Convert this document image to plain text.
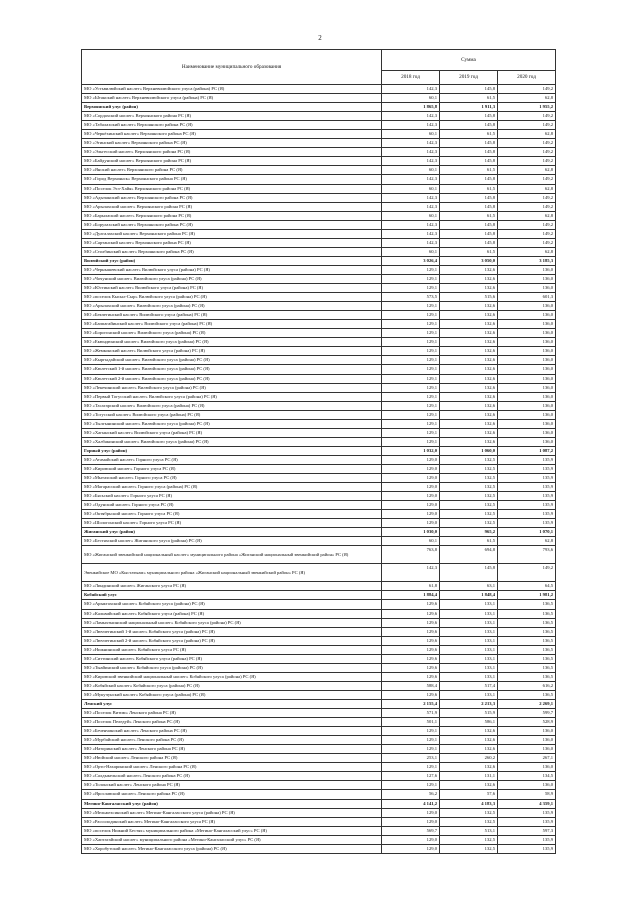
2
Наименование муниципального образования	Сумма		
	2018 год	2019 год	2020 год
МО «Устьвилюйский наслег» Верхневилюйского улуса (района) РС (Я)	142,3	145,8	149,2
МО «Ытанский наслег» Верхневилюйского улуса (района) РС (Я)	60,1	61,5	62,8
Верхоянский улус (район)	1 865,8	1 911,3	1 955,2
МО «Сордахский наслег» Верхоянского района РС (Я)	142,3	145,8	149,2
МО «Табалахский наслег» Верхоянского района РС (Я)	142,3	145,8	149,2
МО «Черкёхинский наслег» Верхоянского района РС (Я)	60,1	61,5	62,8
МО «Эгинский наслег» Верхоянского района РС (Я)	142,3	145,8	149,2
МО «Эльгесский наслег» Верхоянского района РС (Я)	142,3	145,8	149,2
МО «Байдунский наслег» Верхоянского района РС (Я)	142,3	145,8	149,2
МО «Янский наслег» Верхоянского района РС (Я)	60,1	61,5	62,8
МО «Город Верхоянск» Верхоянского района РС (Я)	142,3	145,8	149,2
МО «Поселок Эсэ-Хайя» Верхоянского района РС (Я)	60,1	61,5	62,8
МО «Адычанский наслег» Верхоянского района РС (Я)	142,3	145,8	149,2
МО «Арылахский наслег» Верхоянского района РС (Я)	142,3	145,8	149,2
МО «Барылаский наслег» Верхоянского района РС (Я)	60,1	61,5	62,8
МО «Борулахский наслег» Верхоянского района РС (Я)	142,3	145,8	149,2
МО «Дулгалахский наслег» Верхоянского района РС (Я)	142,3	145,8	149,2
МО «Сартанский наслег» Верхоянского района РС (Я)	142,3	145,8	149,2
МО «Столбинский наслег» Верхоянского района РС (Я)	60,1	61,5	62,8
Вилюйский улус (район)	3 026,4	3 050,0	3 185,3
МО «Чернышевский наслег» Вилюйского улуса (района) РС (Я)	129,1	132,6	136,0
МО «Чочунский наслег» Вилюйского улуса (района) РС (Я)	129,1	132,6	136,0
МО «Юстинский наслег» Вилюйского улуса (района) РС (Я)	129,1	132,6	136,0
МО «поселок Кысыл-Сыр» Вилюйского улуса (района) РС (Я)	573,5	515,6	601,3
МО «Арылахский наслег» Вилюйского улуса (района) РС (Я)	129,1	132,6	136,0
МО «Бекчегинский наслег» Вилюйского улуса (района) РС (Я)	129,1	132,6	136,0
МО «Баппагайинский наслег» Вилюйского улуса (района) РС (Я)	129,1	132,6	136,0
МО «Борогонский наслег» Вилюйского улуса (района) РС (Я)	129,1	132,6	136,0
МО «Екюндюнский наслег» Вилюйского улуса (района) РС (Я)	129,1	132,6	136,0
МО «Жемконский наслег» Вилюйского улуса (района) РС (Я)	129,1	132,6	136,0
МО «Кыргыдайский наслег» Вилюйского улуса (района) РС (Я)	129,1	132,6	136,0
МО «Кюлетский 1-й наслег» Вилюйского улуса (района) РС (Я)	129,1	132,6	136,0
МО «Кюлетский 2-й наслег» Вилюйского улуса (района) РС (Я)	129,1	132,6	136,0
МО «Лекечинский наслег» Вилюйского улуса (района) РС (Я)	129,1	132,6	136,0
МО «Первый Тогусский наслег» Вилюйского улуса (района) РС (Я)	129,1	132,6	136,0
МО «Тасагарский наслег» Вилюйского улуса (района) РС (Я)	129,1	132,6	136,0
МО «Тогусский наслег» Вилюйского улуса (района) РС (Я)	129,1	132,6	136,0
МО «Тылгынинский наслег» Вилюйского улуса (района) РС (Я)	129,1	132,6	136,0
МО «Хагынский наслег» Вилюйского улуса (района) РС (Я)	129,1	132,6	136,0
МО «Халбакинский наслег» Вилюйского улуса (района) РС (Я)	129,1	132,6	136,0
Горный улус (район)	1 032,0	1 060,0	1 087,2
МО «Атамайский наслег» Горного улуса РС (Я)	129,0	132,5	135,9
МО «Кировский наслег» Горного улуса РС (Я)	129,0	132,5	135,9
МО «Мытахский наслег» Горного улуса РС (Я)	129,0	132,5	135,9
МО «Магарасский наслег» Горного улуса (района) РС (Я)	129,0	132,5	135,9
МО «Бясьский наслег» Горного улуса РС (Я)	129,0	132,5	135,9
МО «Одунский наслег» Горного улуса РС (Я)	129,0	132,5	135,9
МО «Октябрьский наслег» Горного улуса РС (Я)	129,0	132,5	135,9
МО «Шологонский наслег» Горного улуса РС (Я)	129,0	132,5	135,9
Жиганский улус (район)	1 030,0	965,2	1 070,1
МО «Бестяхский наслег» Жиганского улуса (района) РС (Я)	60,1	61,5	62,8
МО «Жиганский эвенкийский национальный наслег» муниципального района «Жиганский национальный эвенкийский район» РС (Я)	763,8	694,8	793,6
Эвенкийское МО «Кыстатыам» муниципального района «Жиганский национальный эвенкийский район» РС (Я)	142,3	145,8	149,2
МО «Линдинский наслег» Жиганского улуса РС (Я)	61,8	63,1	64,5
Кобяйский улус	1 884,4	1 848,4	1 981,2
МО «Арыктахский наслег» Кобяйского улуса (района) РС (Я)	129,6	133,1	136,5
МО «Кальвийский наслег» Кобяйского улуса (района) РС (Я)	129,6	133,1	136,5
МО «Ламыхтыинский национальный наслег» Кобяйского улуса (района) РС (Я)	129,6	133,1	136,5
МО «Люччегинский 1-й наслег» Кобяйского улуса (района) РС (Я)	129,6	133,1	136,5
МО «Люччегинский 2-й наслег» Кобяйского улуса (района) РС (Я)	129,6	133,1	136,5
МО «Нижнинский наслег» Кобяйского улуса РС (Я)	129,6	133,1	136,5
МО «Ситтинский наслег» Кобяйского улуса (района) РС (Я)	129,6	133,1	136,5
МО «Тыайинский наслег» Кобяйского улуса (района) РС (Я)	129,6	133,1	136,5
МО «Кировский эвенкийский национальный наслег» Кобяйского улуса (района) РС (Я)	129,6	133,1	136,5
МО «Кобяйский наслег» Кобяйского улуса (района) РС (Я)	588,4	517,4	616,2
МО «Мукучунский наслег» Кобяйского улуса (района) РС (Я)	129,6	133,1	136,5
Ленский улус	2 155,4	2 213,3	2 269,1
МО «Поселок Витим» Ленского района РС (Я)	571,9	515,9	599,7
МО «Поселок Пеледуй» Ленского района РС (Я)	501,1	586,1	528,9
МО «Беченчинский наслег» Ленского района РС (Я)	129,1	132,6	136,0
МО «Мурбайский наслег» Ленского района РС (Я)	129,1	132,6	136,0
МО «Наторинский наслег» Ленского района РС (Я)	129,1	132,6	136,0
МО «Нюйский наслег» Ленского района РС (Я)	253,1	260,2	267,1
МО «Орто-Нахаринский наслег» Ленского района РС (Я)	129,1	132,6	136,0
МО «Салдыкельский наслег» Ленского района РС (Я)	127,6	131,1	134,5
МО «Толонский наслег» Ленского района РС (Я)	129,1	132,6	136,0
МО «Ярославский наслег» Ленского района РС (Я)	56,2	57,6	58,9
Мегино-Кангаласский улус (район)	4 141,2	4 183,3	4 359,1
МО «Мельжехсинский наслег» Мегино-Кангаласского улуса (района) РС (Я)	129,0	132,5	135,9
МО «Рассолодинский наслег» Мегино-Кангаласского улуса РС (Я)	129,0	132,5	135,9
МО «поселок Нижний Бестях» муниципального района «Мегино-Кангаласский улус» РС (Я)	569,7	513,1	597,3
МО «Хаптагайский наслег» муниципального района «Мегино-Кангаласский улус» РС (Я)	129,0	132,5	135,9
МО «Хоробутский наслег» Мегино-Кангаласского улуса (района) РС (Я)	129,0	132,5	135,9
